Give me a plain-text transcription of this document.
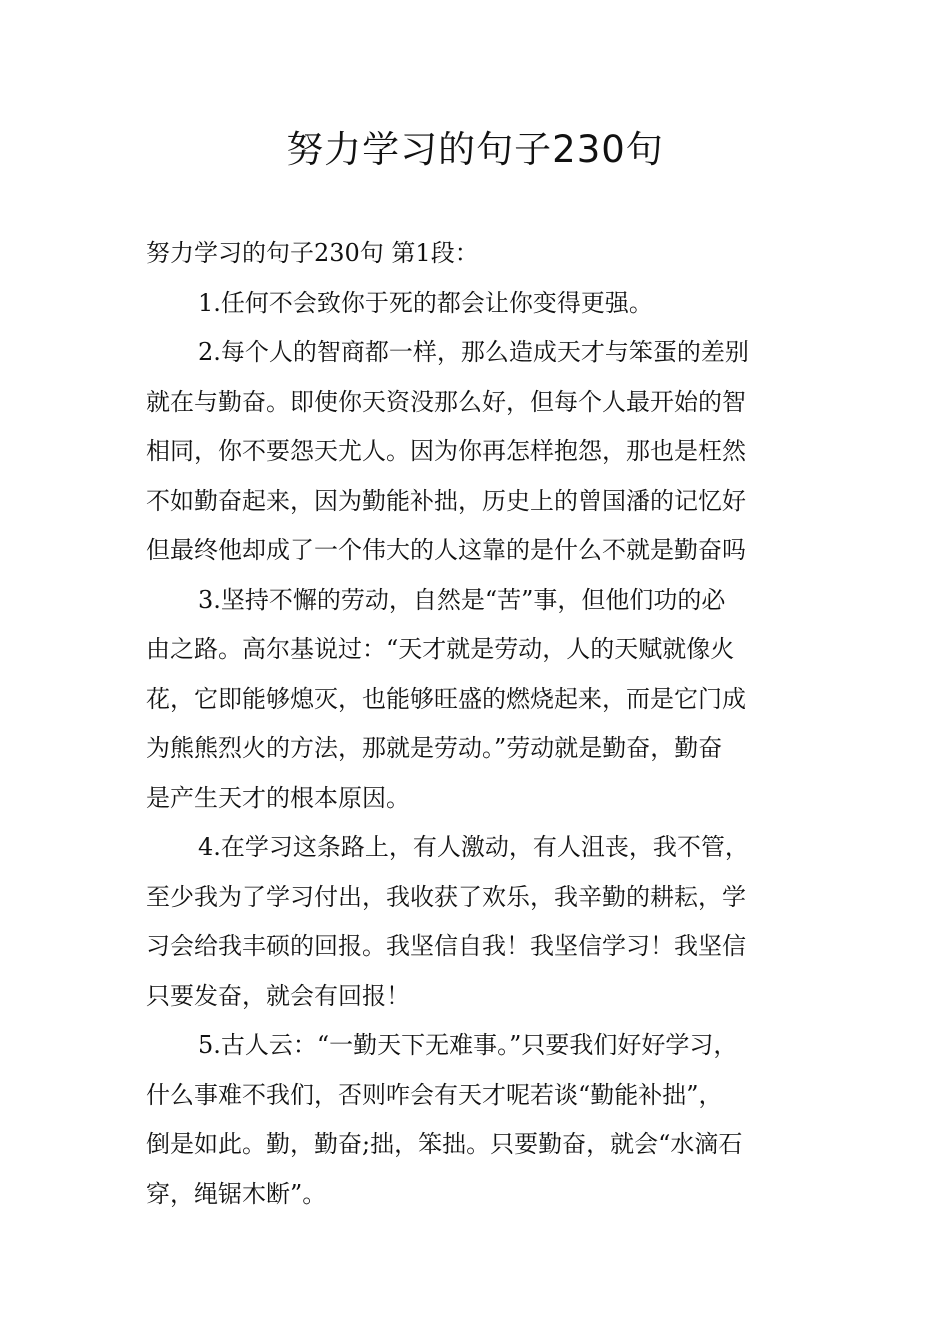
努力学习的句子230句

努力学习的句子230句 第1段：

1.任何不会致你于死的都会让你变得更强。
2.每个人的智商都一样，那么造成天才与笨蛋的差别
就在与勤奋。即使你天资没那么好，但每个人最开始的智
相同，你不要怨天尤人。因为你再怎样抱怨，那也是枉然
不如勤奋起来，因为勤能补拙，历史上的曾国潘的记忆好
但最终他却成了一个伟大的人这靠的是什么不就是勤奋吗
3.坚持不懈的劳动，自然是“苦”事，但他们功的必
由之路。高尔基说过：“天才就是劳动，人的天赋就像火
花，它即能够熄灭，也能够旺盛的燃烧起来，而是它门成
为熊熊烈火的方法，那就是劳动。”劳动就是勤奋，勤奋
是产生天才的根本原因。
4.在学习这条路上，有人激动，有人沮丧，我不管，
至少我为了学习付出，我收获了欢乐，我辛勤的耕耘，学
习会给我丰硕的回报。我坚信自我！我坚信学习！我坚信
只要发奋，就会有回报！
5.古人云：“一勤天下无难事。”只要我们好好学习，
什么事难不我们，否则咋会有天才呢若谈“勤能补拙”，
倒是如此。勤，勤奋;拙，笨拙。只要勤奋，就会“水滴石
穿，绳锯木断”。
